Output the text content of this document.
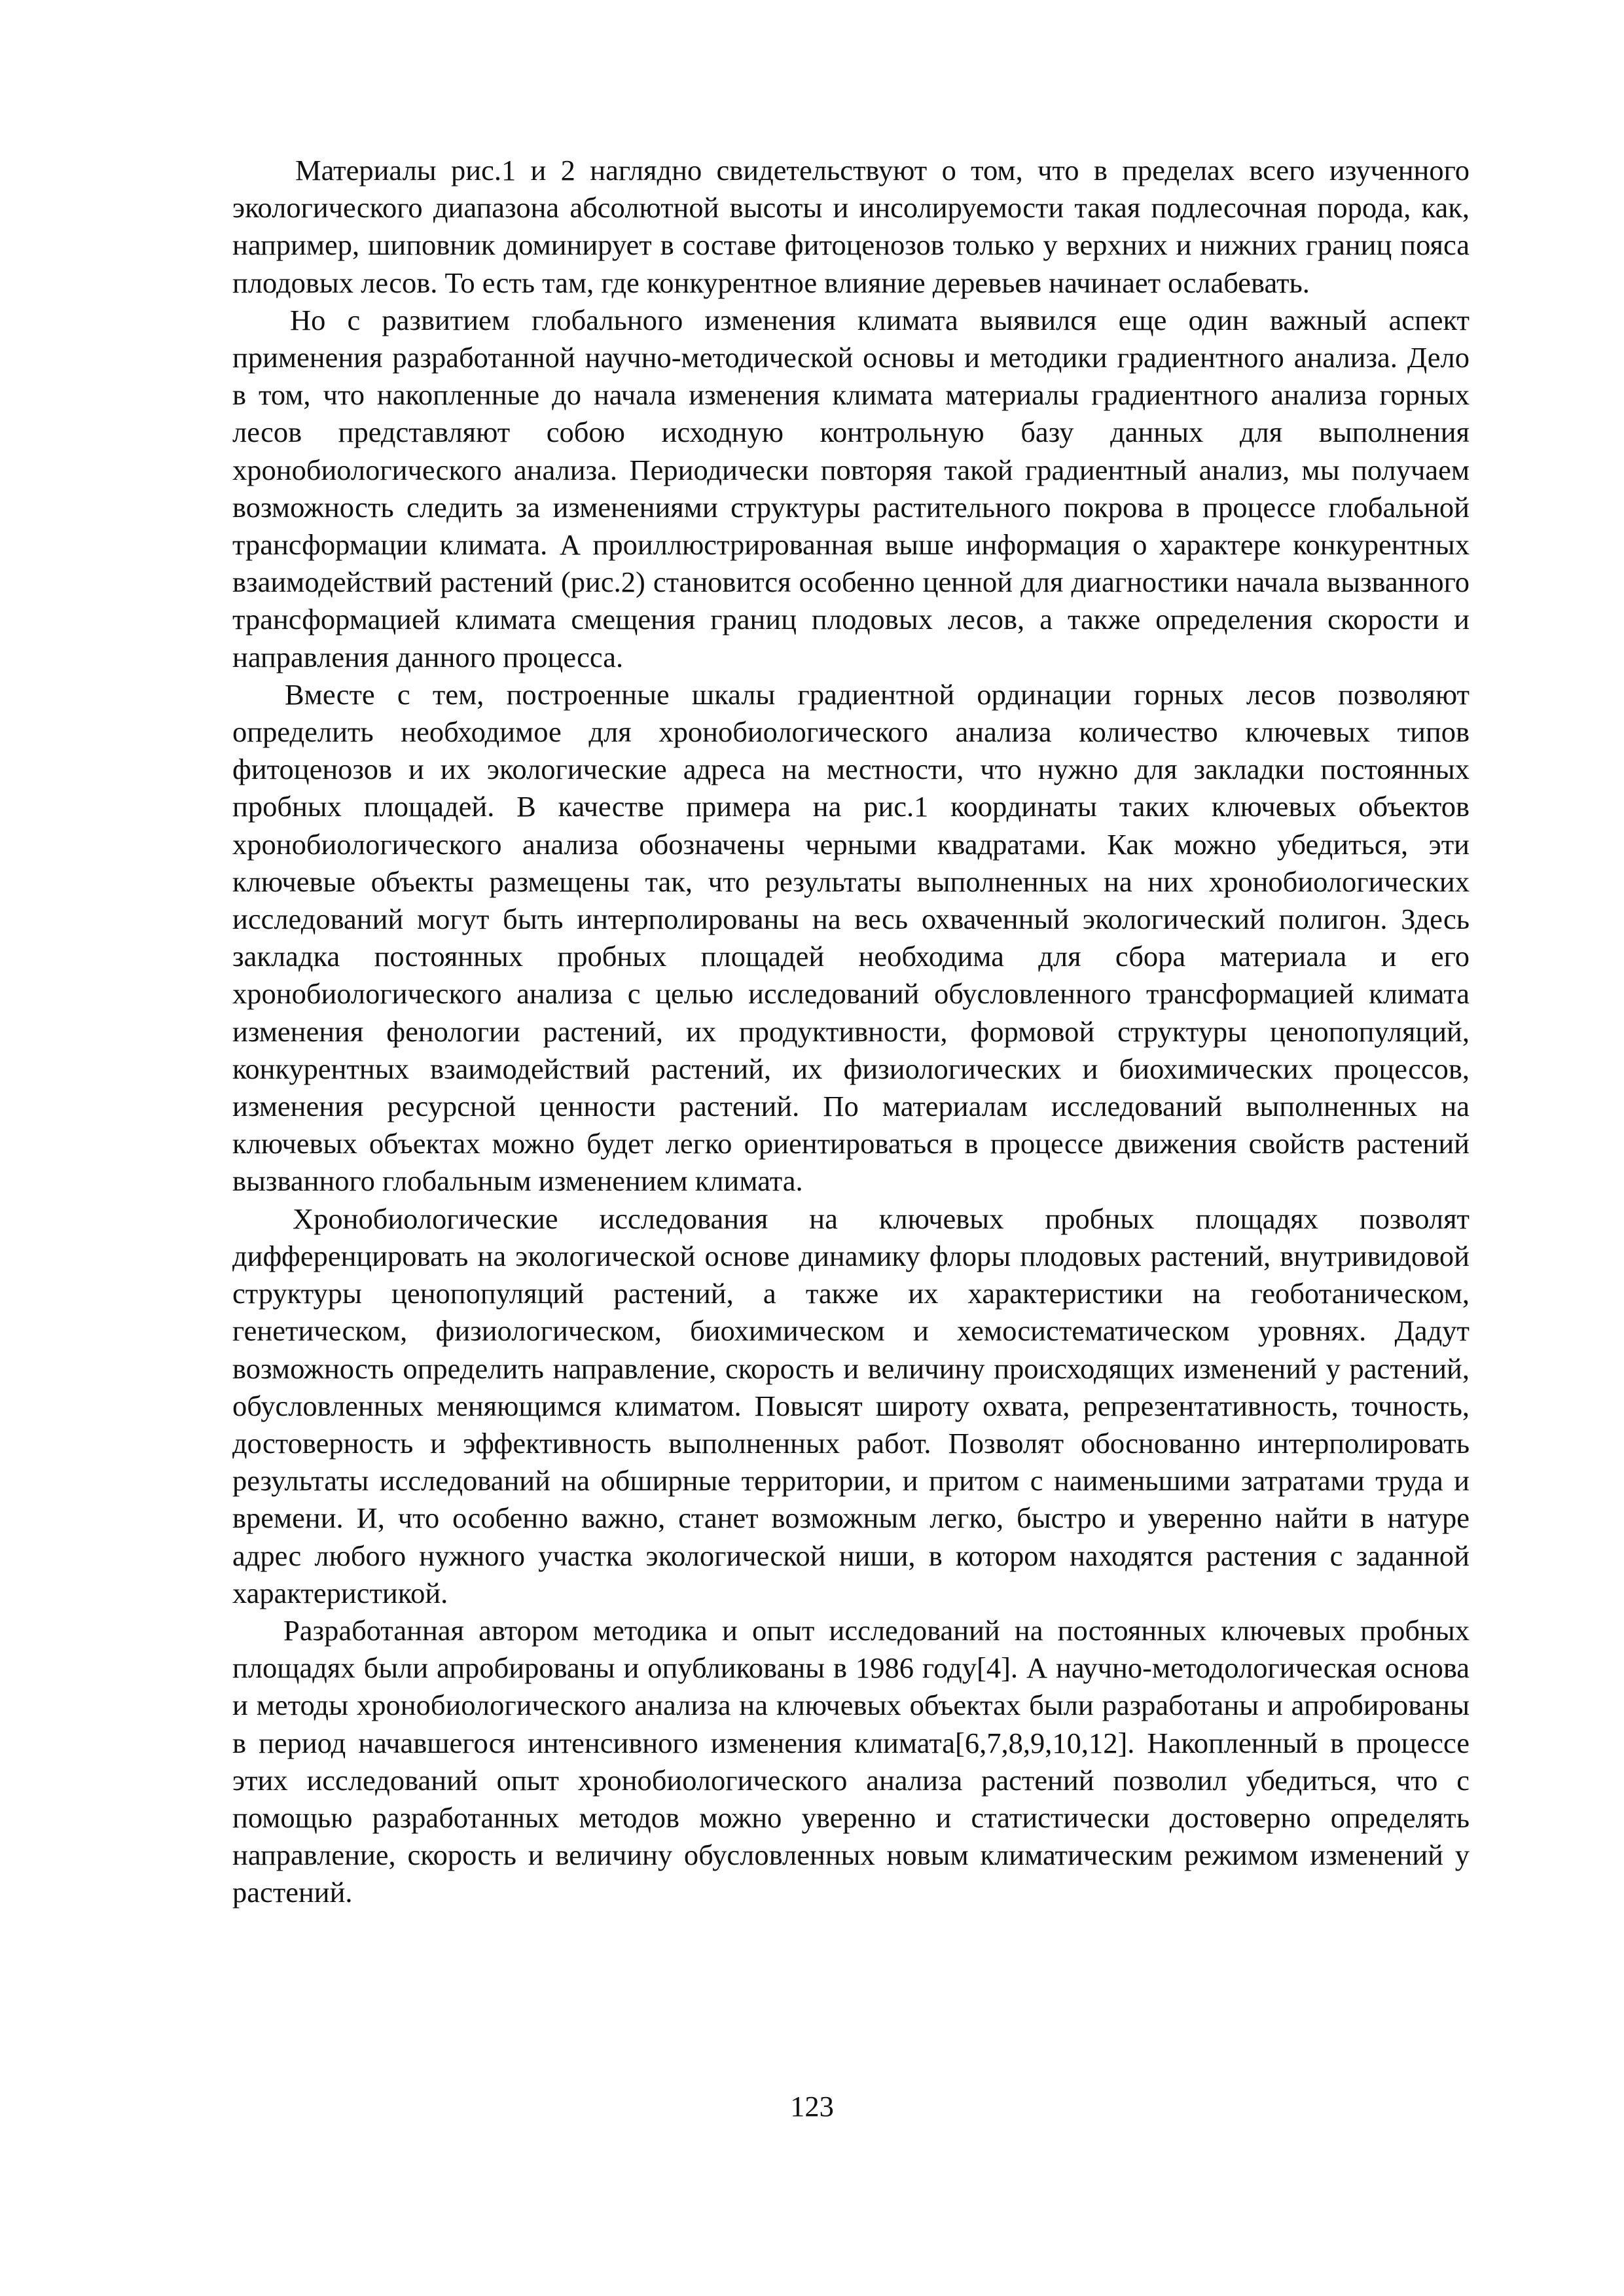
Материалы рис.1 и 2 наглядно свидетельствуют о том, что в пределах всего изученного экологического диапазона абсолютной высоты и инсолируемости такая подлесочная порода, как, например, шиповник доминирует в составе фитоценозов только у верхних и нижних границ пояса плодовых лесов. То есть там, где конкурентное влияние деревьев начинает ослабевать.

Но с развитием глобального изменения климата выявился еще один важный аспект применения разработанной научно-методической основы и методики градиентного анализа. Дело в том, что накопленные до начала изменения климата материалы градиентного анализа горных лесов представляют собою исходную контрольную базу данных для выполнения хронобиологического анализа. Периодически повторяя такой градиентный анализ, мы получаем возможность следить за изменениями структуры растительного покрова в процессе глобальной трансформации климата. А проиллюстрированная выше информация о характере конкурентных взаимодействий растений (рис.2) становится особенно ценной для диагностики начала вызванного трансформацией климата смещения границ плодовых лесов, а также определения скорости и направления данного процесса.

Вместе с тем, построенные шкалы градиентной ординации горных лесов позволяют определить необходимое для хронобиологического анализа количество ключевых типов фитоценозов и их экологические адреса на местности, что нужно для закладки постоянных пробных площадей. В качестве примера на рис.1 координаты таких ключевых объектов хронобиологического анализа обозначены черными квадратами. Как можно убедиться, эти ключевые объекты размещены так, что результаты выполненных на них хронобиологических исследований могут быть интерполированы на весь охваченный экологический полигон. Здесь закладка постоянных пробных площадей необходима для сбора материала и его хронобиологического анализа с целью исследований обусловленного трансформацией климата изменения фенологии растений, их продуктивности, формовой структуры ценопопуляций, конкурентных взаимодействий растений, их физиологических и биохимических процессов, изменения ресурсной ценности растений. По материалам исследований выполненных на ключевых объектах можно будет легко ориентироваться в процессе движения свойств растений вызванного глобальным изменением климата.

Хронобиологические исследования на ключевых пробных площадях позволят дифференцировать на экологической основе динамику флоры плодовых растений, внутривидовой структуры ценопопуляций растений, а также их характеристики на геоботаническом, генетическом, физиологическом, биохимическом и хемосистематическом уровнях. Дадут возможность определить направление, скорость и величину происходящих изменений у растений, обусловленных меняющимся климатом. Повысят широту охвата, репрезентативность, точность, достоверность и эффективность выполненных работ. Позволят обоснованно интерполировать результаты исследований на обширные территории, и притом с наименьшими затратами труда и времени. И, что особенно важно, станет возможным легко, быстро и уверенно найти в натуре адрес любого нужного участка экологической ниши, в котором находятся растения с заданной характеристикой.

Разработанная автором методика и опыт исследований на постоянных ключевых пробных площадях были апробированы и опубликованы в 1986 году[4]. А научно-методологическая основа и методы хронобиологического анализа на ключевых объектах были разработаны и апробированы в период начавшегося интенсивного изменения климата[6,7,8,9,10,12]. Накопленный в процессе этих исследований опыт хронобиологического анализа растений позволил убедиться, что с помощью разработанных методов можно уверенно и статистически достоверно определять направление, скорость и величину обусловленных новым климатическим режимом изменений у растений.

123
